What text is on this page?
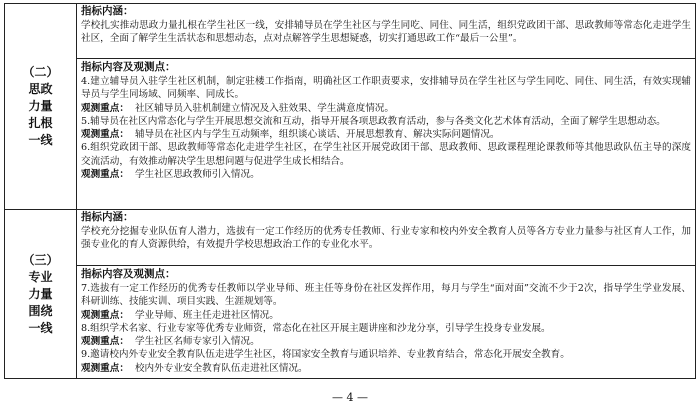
（二）
思政
力量
扎根
一线
指标内涵：
学校扎实推动思政力量扎根在学生社区一线，安排辅导员在学生社区与学生同吃、同住、同生活，组织党政团干部、思政教师等常态化走进学生社区，全面了解学生生活状态和思想动态，点对点解答学生思想疑惑，切实打通思政工作“最后一公里”。
指标内容及观测点：
4.建立辅导员入驻学生社区机制，制定驻楼工作指南，明确社区工作职责要求，安排辅导员在学生社区与学生同吃、同住、同生活，有效实现辅导员与学生同场域、同频率、同成长。
观测重点： 社区辅导员入驻机制建立情况及入驻效果、学生满意度情况。
5.辅导员在社区内常态化与学生开展思想交流和互动，指导开展各项思政教育活动，参与各类文化艺术体育活动，全面了解学生思想动态。
观测重点： 辅导员在社区内与学生互动频率，组织谈心谈话、开展思想教育、解决实际问题情况。
6.组织党政团干部、思政教师等常态化走进学生社区，在学生社区开展党政团干部、思政教师、思政课程理论课教师等其他思政队伍主导的深度交流活动，有效推动解决学生思想问题与促进学生成长相结合。
观测重点： 学生社区思政教师引入情况。
（三）
专业
力量
围绕
一线
指标内涵：
学校充分挖掘专业队伍育人潜力，选拔有一定工作经历的优秀专任教师、行业专家和校内外安全教育人员等各方专业力量参与社区育人工作，加强专业化的育人资源供给，有效提升学校思想政治工作的专业化水平。
指标内容及观测点：
7.选拔有一定工作经历的优秀专任教师以学业导师、班主任等身份在社区发挥作用，每月与学生“面对面”交流不少于2次，指导学生学业发展、科研训练、技能实训、项目实践、生涯规划等。
观测重点： 学业导师、班主任走进社区情况。
8.组织学术名家、行业专家等优秀专业师资，常态化在社区开展主题讲座和沙龙分享，引导学生投身专业发展。
观测重点： 学生社区名师专家引入情况。
9.邀请校内外专业安全教育队伍走进学生社区，将国家安全教育与通识培养、专业教育结合，常态化开展安全教育。
观测重点： 校内外专业安全教育队伍走进社区情况。
— 4 —
